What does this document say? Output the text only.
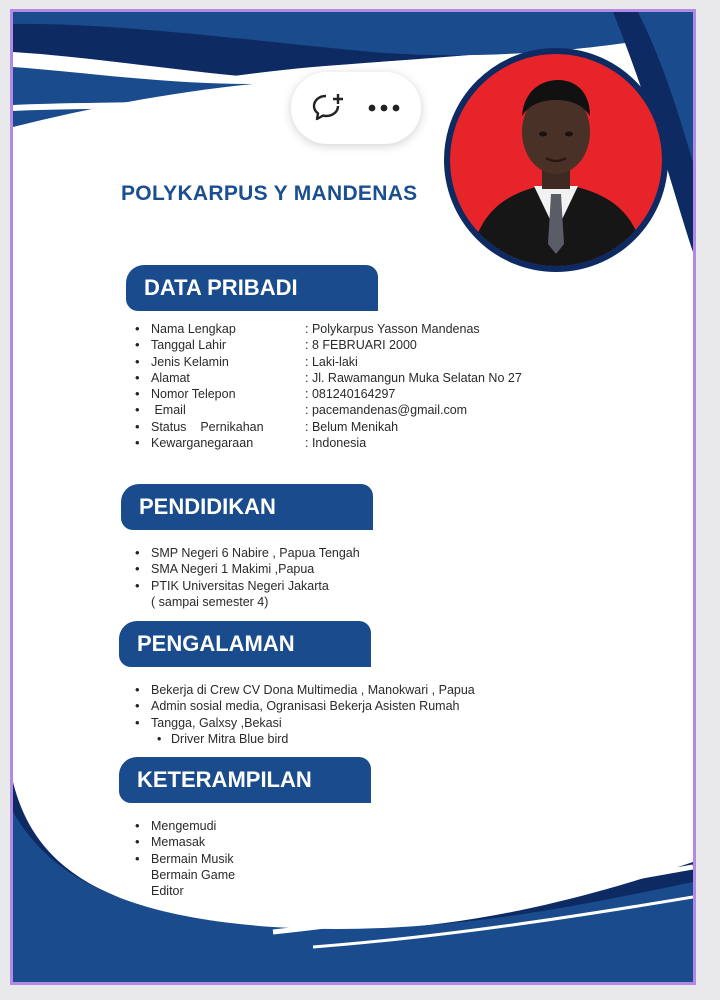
POLYKARPUS Y MANDENAS
DATA PRIBADI
• Nama Lengkap	: Polykarpus Yasson Mandenas
• Tanggal Lahir	: 8 FEBRUARI 2000
• Jenis Kelamin	: Laki-laki
• Alamat	: Jl. Rawamangun Muka Selatan No 27
• Nomor Telepon	: 081240164297
•  Email	: pacemandenas@gmail.com
• Status    Pernikahan	: Belum Menikah
• Kewarganegaraan	: Indonesia
PENDIDIKAN
• SMP Negeri 6 Nabire , Papua Tengah
• SMA Negeri 1 Makimi ,Papua
• PTIK Universitas Negeri Jakarta
( sampai semester 4)
PENGALAMAN
• Bekerja di Crew CV Dona Multimedia , Manokwari , Papua
• Admin sosial media, Ogranisasi Bekerja Asisten Rumah
• Tangga, Galxsy ,Bekasi
• Driver Mitra Blue bird
KETERAMPILAN
• Mengemudi
• Memasak
• Bermain Musik
Bermain Game
Editor
